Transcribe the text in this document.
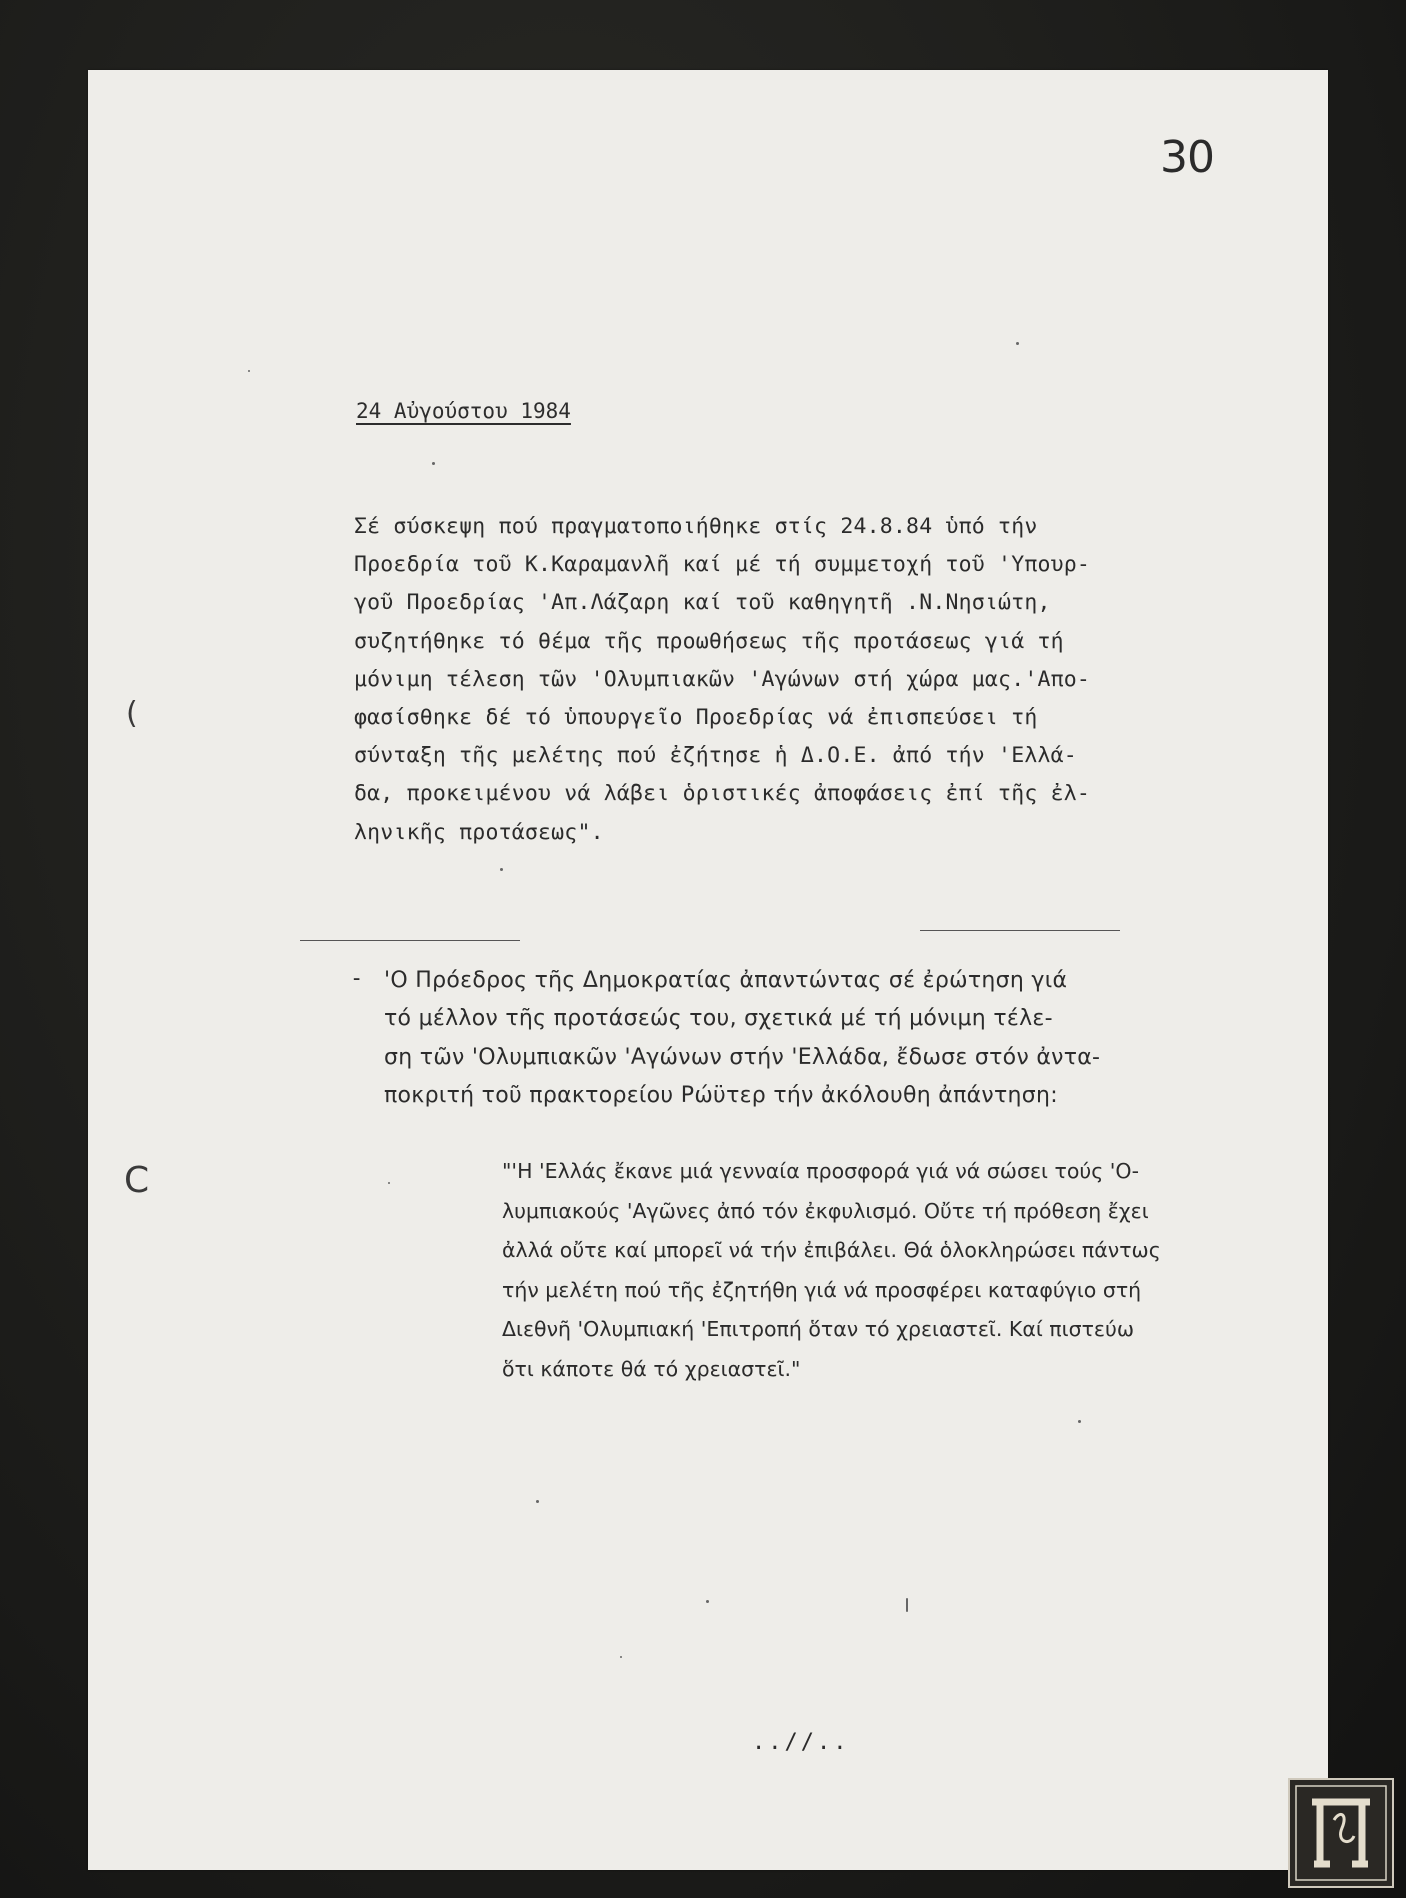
30
24 Αὐγούστου 1984
Σέ σύσκεψη πού πραγματοποιήθηκε στίς 24.8.84 ὑπό τήν
Προεδρία τοῦ Κ.Καραμανλῆ καί μέ τή συμμετοχή τοῦ 'Υπουρ-
γοῦ Προεδρίας 'Απ.Λάζαρη καί τοῦ καθηγητῆ .Ν.Νησιώτη,
συζητήθηκε τό θέμα τῆς προωθήσεως τῆς προτάσεως γιά τή
μόνιμη τέλεση τῶν 'Ολυμπιακῶν 'Αγώνων στή χώρα μας.'Απο-
φασίσθηκε δέ τό ὑπουργεῖο Προεδρίας νά ἐπισπεύσει τή
σύνταξη τῆς μελέτης πού ἐζήτησε ἡ Δ.Ο.Ε. ἀπό τήν 'Ελλά-
δα, προκειμένου νά λάβει ὁριστικές ἀποφάσεις ἐπί τῆς ἐλ-
ληνικῆς προτάσεως".
- 'Ο Πρόεδρος τῆς Δημοκρατίας ἀπαντώντας σέ ἐρώτηση γιά
τό μέλλον τῆς προτάσεώς του, σχετικά μέ τή μόνιμη τέλε-
ση τῶν 'Ολυμπιακῶν 'Αγώνων στήν 'Ελλάδα, ἔδωσε στόν ἀντα-
ποκριτή τοῦ πρακτορείου Ρώϋτερ τήν ἀκόλουθη ἀπάντηση:
"'Η 'Ελλάς ἔκανε μιά γενναία προσφορά γιά νά σώσει τούς 'Ο-
λυμπιακούς 'Αγῶνες ἀπό τόν ἐκφυλισμό. Οὔτε τή πρόθεση ἔχει
ἀλλά οὔτε καί μπορεῖ νά τήν ἐπιβάλει. Θά ὁλοκληρώσει πάντως
τήν μελέτη πού τῆς ἐζητήθη γιά νά προσφέρει καταφύγιο στή
Διεθνῆ 'Ολυμπιακή 'Επιτροπή ὅταν τό χρειαστεῖ. Καί πιστεύω
ὅτι κάποτε θά τό χρειαστεῖ."
..//..
(
C
